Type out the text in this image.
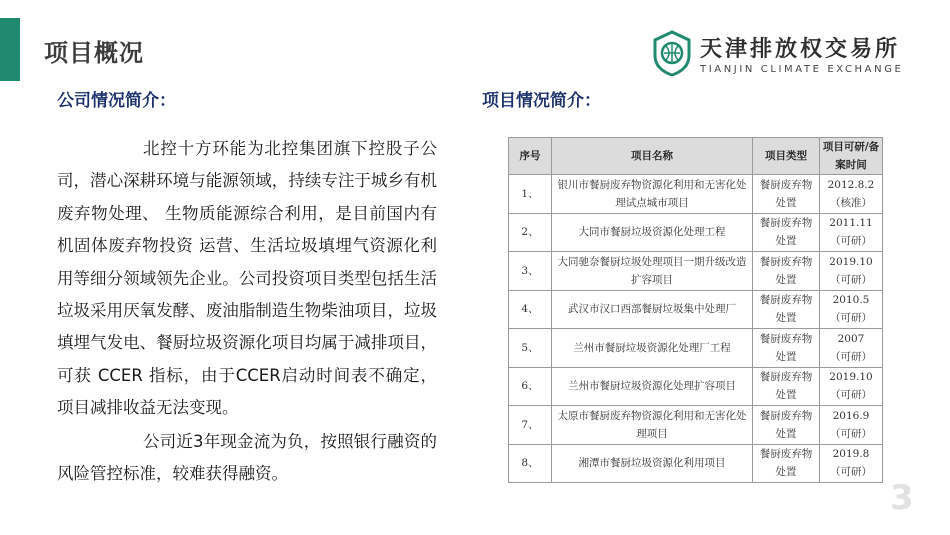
项目概况	天津排放权交易所
TIANJIN CLIMATE EXCHANGE
公司情况简介：	项目情况简介：

北控十方环能为北控集团旗下控股子公司，潜心深耕环境与能源领域，持续专注于城乡有机废弃物处理、 生物质能源综合利用，是目前国内有机固体废弃物投资 运营、生活垃圾填埋气资源化利用等细分领域领先企业。公司投资项目类型包括生活垃圾采用厌氧发酵、废油脂制造生物柴油项目，垃圾填埋气发电、餐厨垃圾资源化项目均属于减排项目，可获 CCER 指标，由于CCER启动时间表不确定，项目减排收益无法变现。

公司近3年现金流为负，按照银行融资的风险管控标准，较难获得融资。

序号	项目名称	项目类型	项目可研/备案时间
1、	银川市餐厨废弃物资源化利用和无害化处理试点城市项目	餐厨废弃物处置	2012.8.2
（核准）
2、	大同市餐厨垃圾资源化处理工程	餐厨废弃物处置	2011.11
（可研）
3、	大同驰奈餐厨垃圾处理项目一期升级改造扩容项目	餐厨废弃物处置	2019.10
（可研）
4、	武汉市汉口西部餐厨垃圾集中处理厂	餐厨废弃物处置	2010.5
（可研）
5、	兰州市餐厨垃圾资源化处理厂工程	餐厨废弃物处置	2007
（可研）
6、	兰州市餐厨垃圾资源化处理扩容项目	餐厨废弃物处置	2019.10
（可研）
7、	太原市餐厨废弃物资源化利用和无害化处理项目	餐厨废弃物处置	2016.9
（可研）
8、	湘潭市餐厨垃圾资源化利用项目	餐厨废弃物处置	2019.8
（可研）
3
